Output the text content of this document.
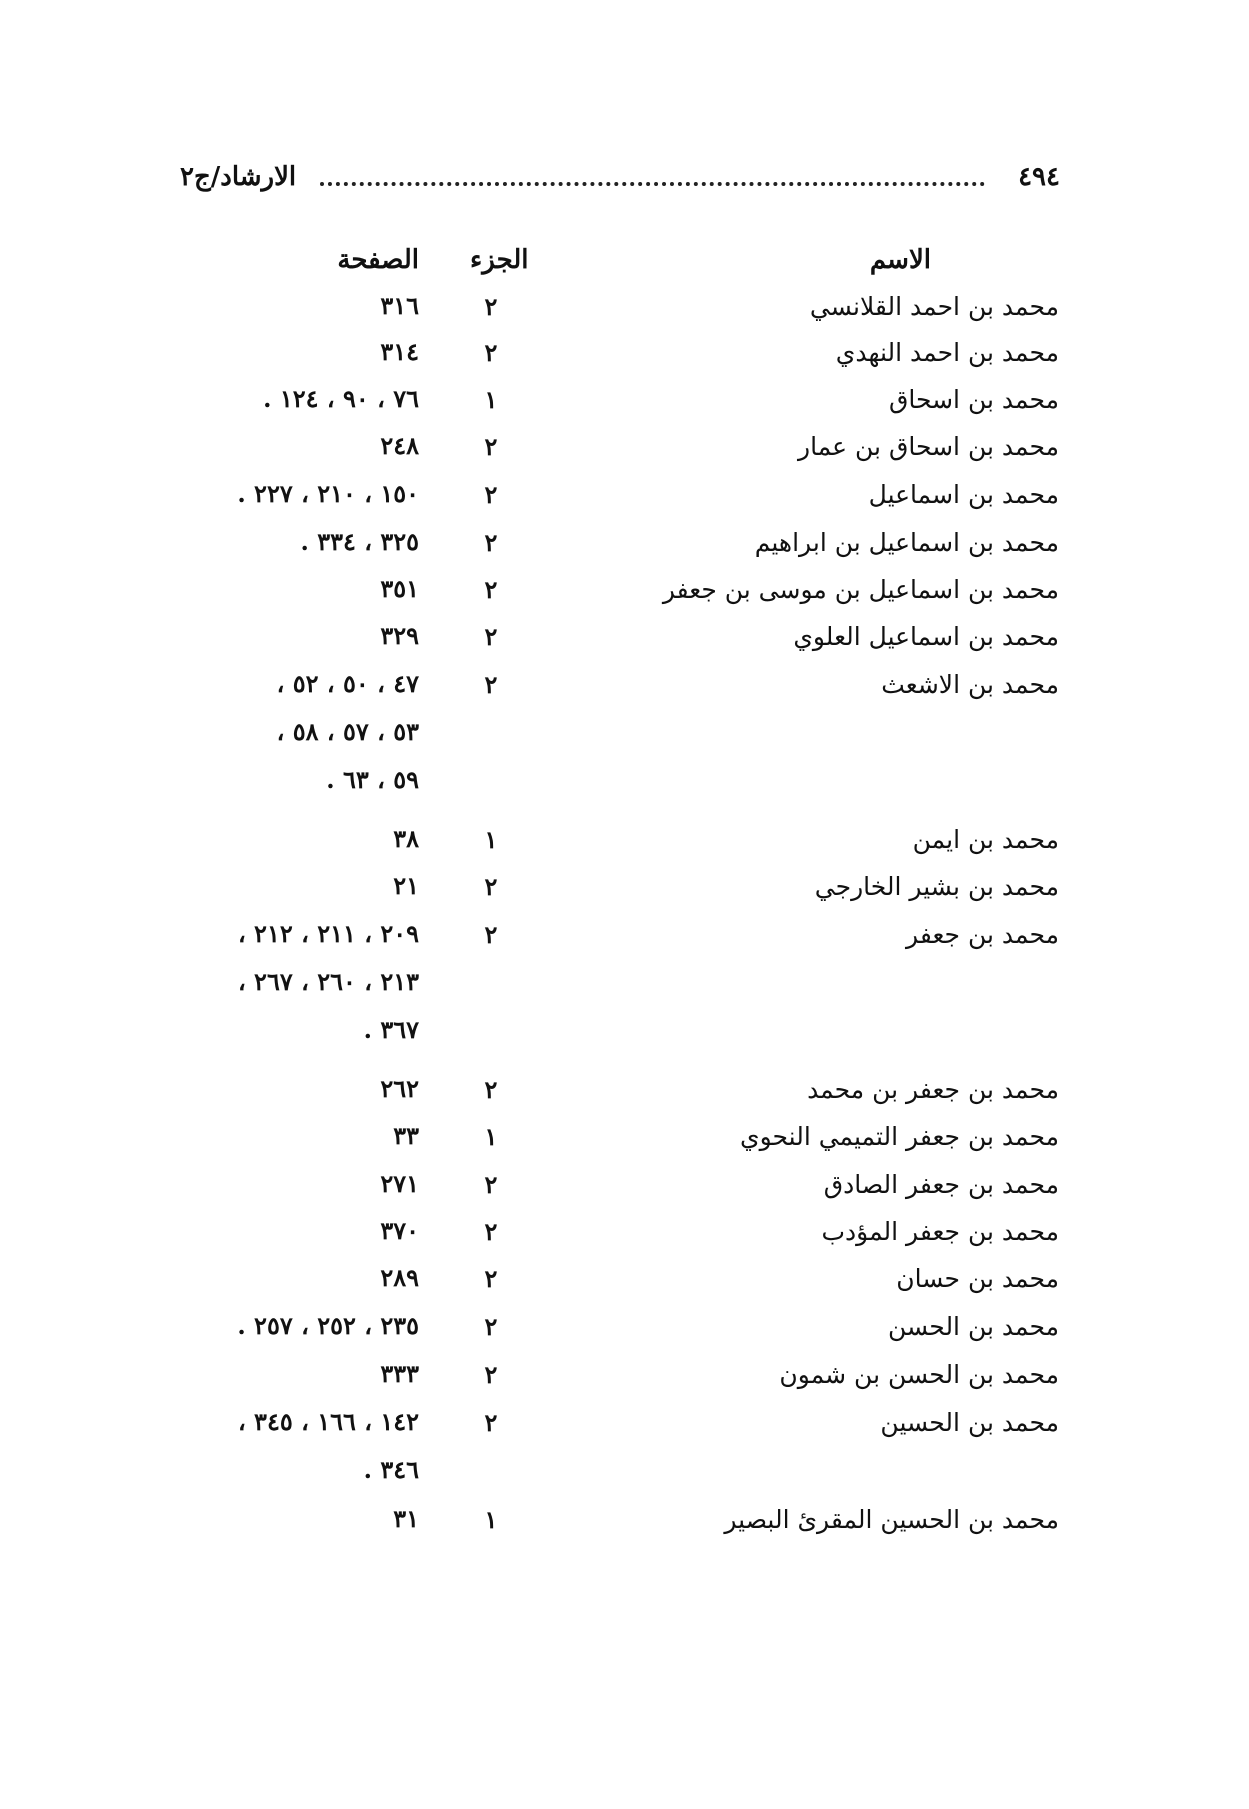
الارشاد/ج٢	٤٩٤
الاسم
الجزء
الصفحة
محمد بن احمد القلانسي
٢
٣١٦
محمد بن احمد النهدي
٢
٣١٤
محمد بن اسحاق
١
٧٦ ، ٩٠ ، ١٢٤ .
محمد بن اسحاق بن عمار
٢
٢٤٨
محمد بن اسماعيل
٢
١٥٠ ، ٢١٠ ، ٢٢٧ .
محمد بن اسماعيل بن ابراهيم
٢
٣٢٥ ، ٣٣٤ .
محمد بن اسماعيل بن موسى بن جعفر
٢
٣٥١
محمد بن اسماعيل العلوي
٢
٣٢٩
محمد بن الاشعث
٢
٤٧ ، ٥٠ ، ٥٢ ،
٥٣ ، ٥٧ ، ٥٨ ،
٥٩ ، ٦٣ .
محمد بن ايمن
١
٣٨
محمد بن بشير الخارجي
٢
٢١
محمد بن جعفر
٢
٢٠٩ ، ٢١١ ، ٢١٢ ،
٢١٣ ، ٢٦٠ ، ٢٦٧ ،
٣٦٧ .
محمد بن جعفر بن محمد
٢
٢٦٢
محمد بن جعفر التميمي النحوي
١
٣٣
محمد بن جعفر الصادق
٢
٢٧١
محمد بن جعفر المؤدب
٢
٣٧٠
محمد بن حسان
٢
٢٨٩
محمد بن الحسن
٢
٢٣٥ ، ٢٥٢ ، ٢٥٧ .
محمد بن الحسن بن شمون
٢
٣٣٣
محمد بن الحسين
٢
١٤٢ ، ١٦٦ ، ٣٤٥ ،
٣٤٦ .
محمد بن الحسين المقرئ البصير
١
٣١
